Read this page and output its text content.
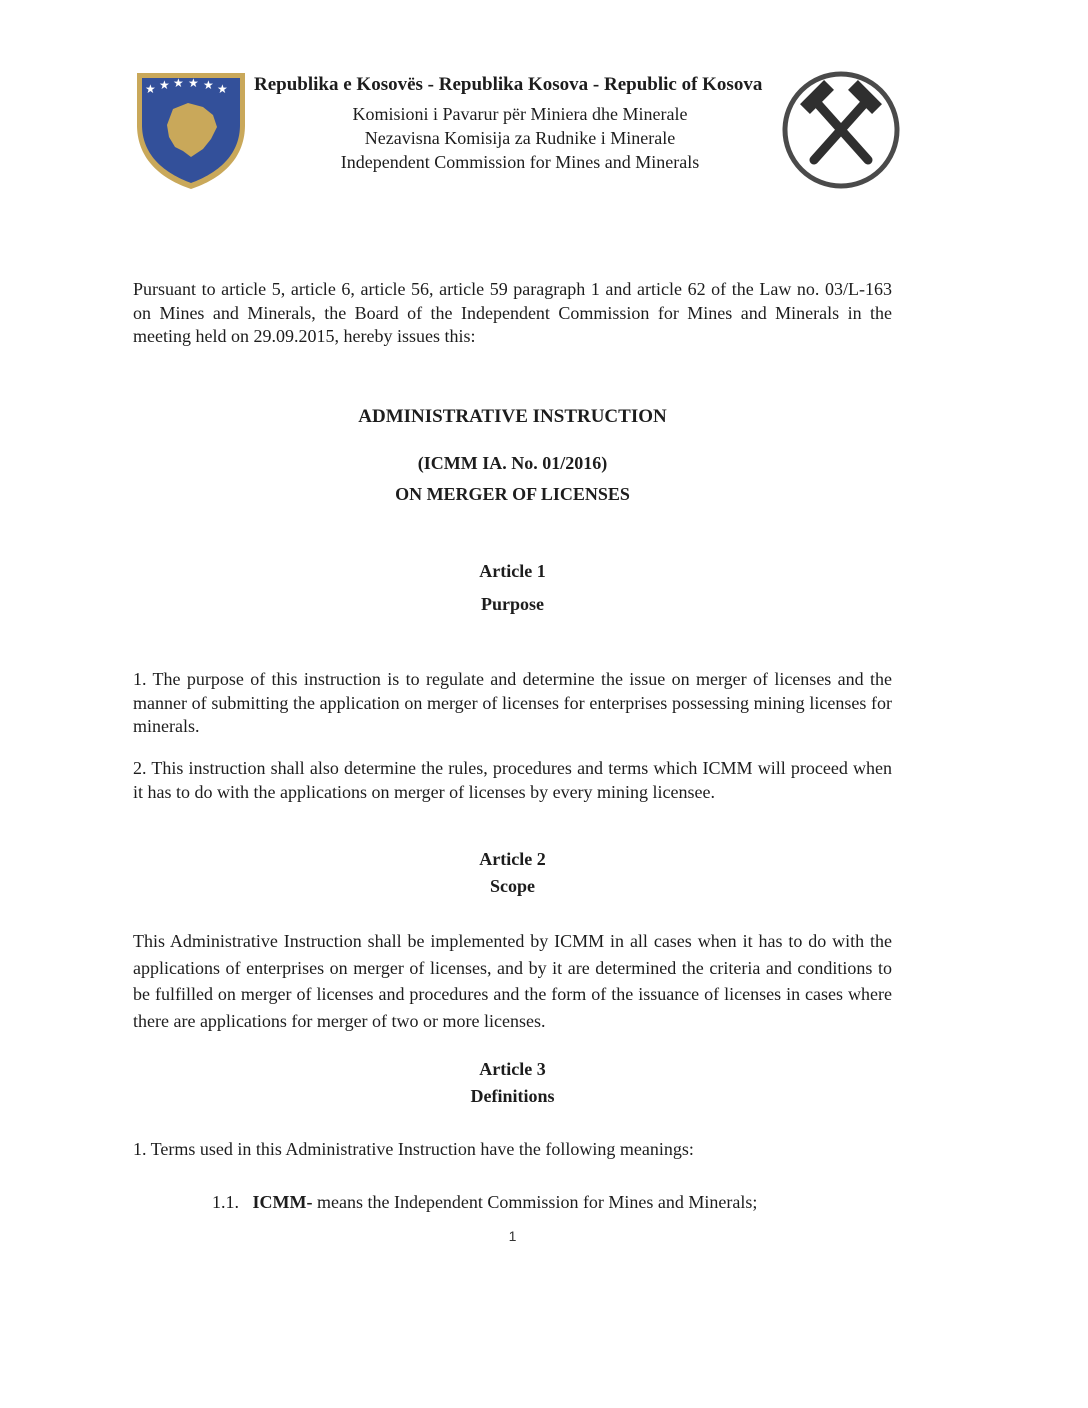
★ ★ ★ ★ ★ ★ Republika e Kosovës - Republika Kosova - Republic of Kosova
Komisioni i Pavarur për Minierа dhe Minerale
Nezavisna Komisija za Rudnike i Minerale
Independent Commission for Mines and Minerals
Pursuant to article 5, article 6, article 56, article 59 paragraph 1 and article 62 of the Law no. 03/L-163 on Mines and Minerals, the Board of the Independent Commission for Mines and Minerals in the meeting held on 29.09.2015, hereby issues this:
ADMINISTRATIVE INSTRUCTION
(ICMM IA. No. 01/2016)
ON MERGER OF LICENSES
Article 1
Purpose
1. The purpose of this instruction is to regulate and determine the issue on merger of licenses and the manner of submitting the application on merger of licenses for enterprises possessing mining licenses for minerals.
2. This instruction shall also determine the rules, procedures and terms which ICMM will proceed when it has to do with the applications on merger of licenses by every mining licensee.
Article 2
Scope
This Administrative Instruction shall be implemented by ICMM in all cases when it has to do with the applications of enterprises on merger of licenses, and by it are determined the criteria and conditions to be fulfilled on merger of licenses and procedures and the form of the issuance of licenses in cases where there are applications for merger of two or more licenses.
Article 3
Definitions
1. Terms used in this Administrative Instruction have the following meanings:
1.1. ICMM- means the Independent Commission for Mines and Minerals;
1
